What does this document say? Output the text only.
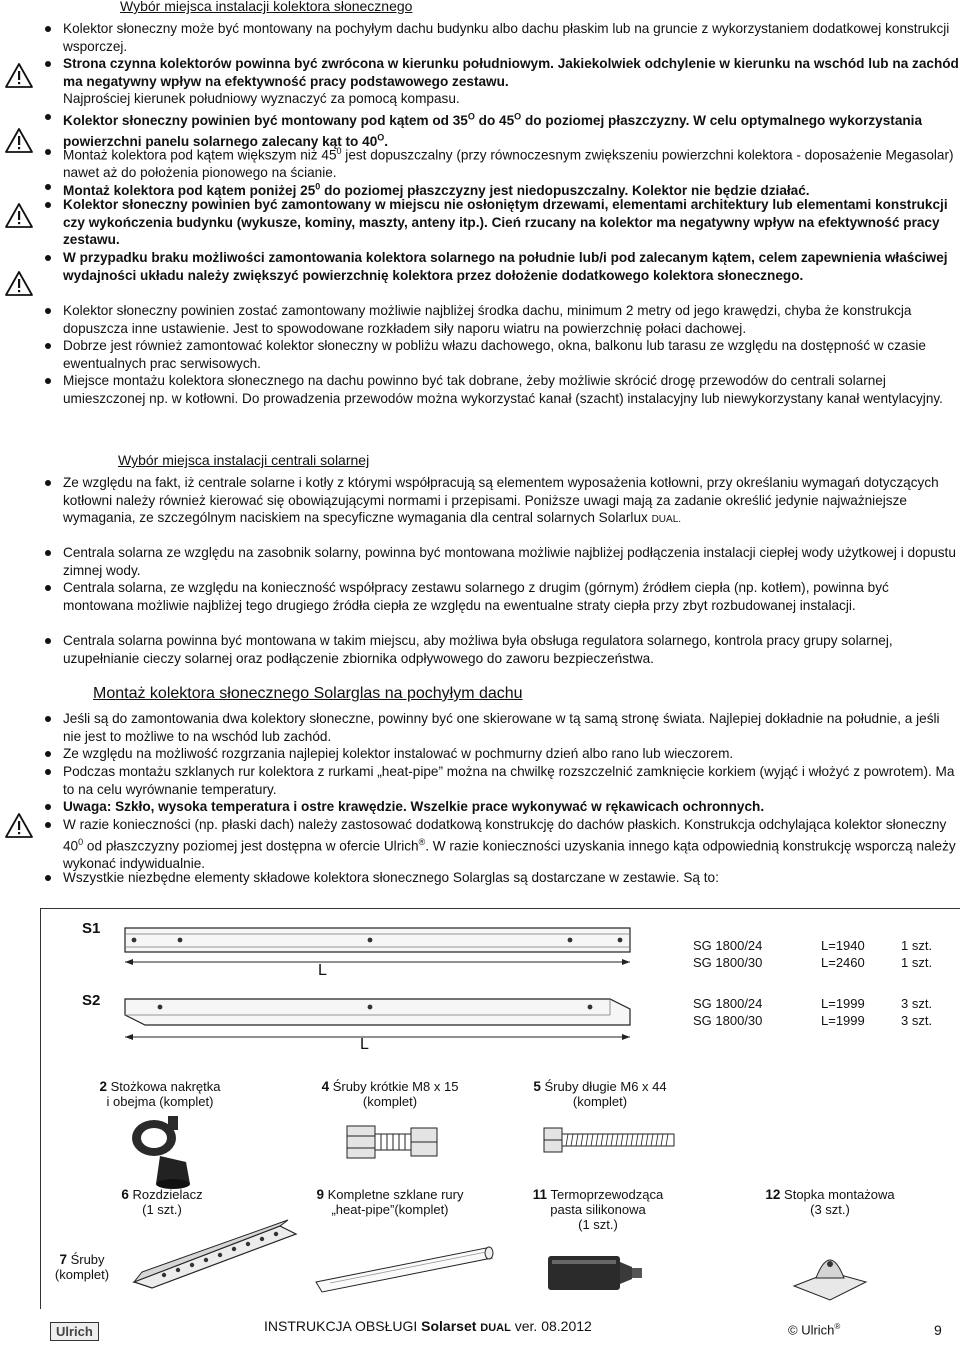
Wybór miejsca instalacji kolektora słonecznego
Kolektor słoneczny może być montowany na pochyłym dachu budynku albo dachu płaskim lub na gruncie z wykorzystaniem dodatkowej konstrukcji wsporczej.
Strona czynna kolektorów powinna być zwrócona w kierunku południowym. Jakiekolwiek odchylenie w kierunku na wschód lub na zachód ma negatywny wpływ na efektywność pracy podstawowego zestawu.
Najprościej kierunek południowy wyznaczyć za pomocą kompasu.
Kolektor słoneczny powinien być montowany pod kątem od $35^O$ do $45^O$ do poziomej płaszczyzny. W celu optymalnego wykorzystania powierzchni panelu solarnego zalecany kąt to $40^O$.
Montaż kolektora pod kątem większym niż $45^0$ jest dopuszczalny (przy równoczesnym zwiększeniu powierzchni kolektora - doposażenie Megasolar) nawet aż do położenia pionowego na ścianie.
Montaż kolektora pod kątem poniżej $25^0$ do poziomej płaszczyzny jest niedopuszczalny. Kolektor nie będzie działać.
Kolektor słoneczny powinien być zamontowany w miejscu nie osłoniętym drzewami, elementami architektury lub elementami konstrukcji czy wykończenia budynku (wykusze, kominy, maszty, anteny itp.). Cień rzucany na kolektor ma negatywny wpływ na efektywność pracy zestawu.
W przypadku braku możliwości zamontowania kolektora solarnego na południe lub/i pod zalecanym kątem, celem zapewnienia właściwej wydajności układu należy zwiększyć powierzchnię kolektora przez dołożenie dodatkowego kolektora słonecznego.
Kolektor słoneczny powinien zostać zamontowany możliwie najbliżej środka dachu, minimum 2 metry od jego krawędzi, chyba że konstrukcja dopuszcza inne ustawienie. Jest to spowodowane rozkładem siły naporu wiatru na powierzchnię połaci dachowej.
Dobrze jest również zamontować kolektor słoneczny w pobliżu włazu dachowego, okna, balkonu lub tarasu ze względu na dostępność w czasie ewentualnych prac serwisowych.
Miejsce montażu kolektora słonecznego na dachu powinno być tak dobrane, żeby możliwie skrócić drogę przewodów do centrali solarnej umieszczonej np. w kotłowni. Do prowadzenia przewodów można wykorzystać kanał (szacht) instalacyjny lub niewykorzystany kanał wentylacyjny.
Wybór miejsca instalacji centrali solarnej
Ze względu na fakt, iż centrale solarne i kotły z którymi współpracują są elementem wyposażenia kotłowni, przy określaniu wymagań dotyczących kotłowni należy również kierować się obowiązującymi normami i przepisami. Poniższe uwagi mają za zadanie określić jedynie najważniejsze wymagania, ze szczególnym naciskiem na specyficzne wymagania dla central solarnych Solarlux DUAL.
Centrala solarna ze względu na zasobnik solarny, powinna być montowana możliwie najbliżej podłączenia instalacji ciepłej wody użytkowej i dopustu zimnej wody.
Centrala solarna, ze względu na konieczność współpracy zestawu solarnego z drugim (górnym) źródłem ciepła (np. kotłem), powinna być montowana możliwie najbliżej tego drugiego źródła ciepła ze względu na ewentualne straty ciepła przy zbyt rozbudowanej instalacji.
Centrala solarna powinna być montowana w takim miejscu, aby możliwa była obsługa regulatora solarnego, kontrola pracy grupy solarnej, uzupełnianie cieczy solarnej oraz podłączenie zbiornika odpływowego do zaworu bezpieczeństwa.
Montaż kolektora słonecznego Solarglas na pochyłym dachu
Jeśli są do zamontowania dwa kolektory słoneczne, powinny być one skierowane w tą samą stronę świata. Najlepiej dokładnie na południe, a jeśli nie jest to możliwe to na wschód lub zachód.
Ze względu na możliwość rozgrzania najlepiej kolektor instalować w pochmurny dzień albo rano lub wieczorem.
Podczas montażu szklanych rur kolektora z rurkami „heat-pipe” można na chwilkę rozszczelnić zamknięcie korkiem (wyjąć i włożyć z powrotem). Ma to na celu wyrównanie temperatury.
Uwaga: Szkło, wysoka temperatura i ostre krawędzie. Wszelkie prace wykonywać w rękawicach ochronnych.
W razie konieczności (np. płaski dach) należy zastosować dodatkową konstrukcję do dachów płaskich. Konstrukcja odchylająca kolektor słoneczny $40^0$ od płaszczyzny poziomej jest dostępna w ofercie Ulrich®. W razie konieczności uzyskania innego kąta odpowiednią konstrukcję wsporczą należy wykonać indywidualnie.
Wszystkie niezbędne elementy składowe kolektora słonecznego Solarglas są dostarczane w zestawie. Są to:
S1
L
SG 1800/24	L=1940	1 szt.
SG 1800/30	L=2460	1 szt.
S2
L
SG 1800/24	L=1999	3 szt.
SG 1800/30	L=1999	3 szt.
2 Stożkowa nakrętka
i obejma (komplet)
4 Śruby krótkie M8 x 15
(komplet)
5 Śruby długie M6 x 44
(komplet)
6 Rozdzielacz
(1 szt.)
7 Śruby
(komplet)
9 Kompletne szklane rury
„heat-pipe”(komplet)
11 Termoprzewodząca
pasta silikonowa
(1 szt.)
12 Stopka montażowa
(3 szt.)
Ulrich	INSTRUKCJA OBSŁUGI Solarset DUAL ver. 08.2012	© Ulrich®	9
